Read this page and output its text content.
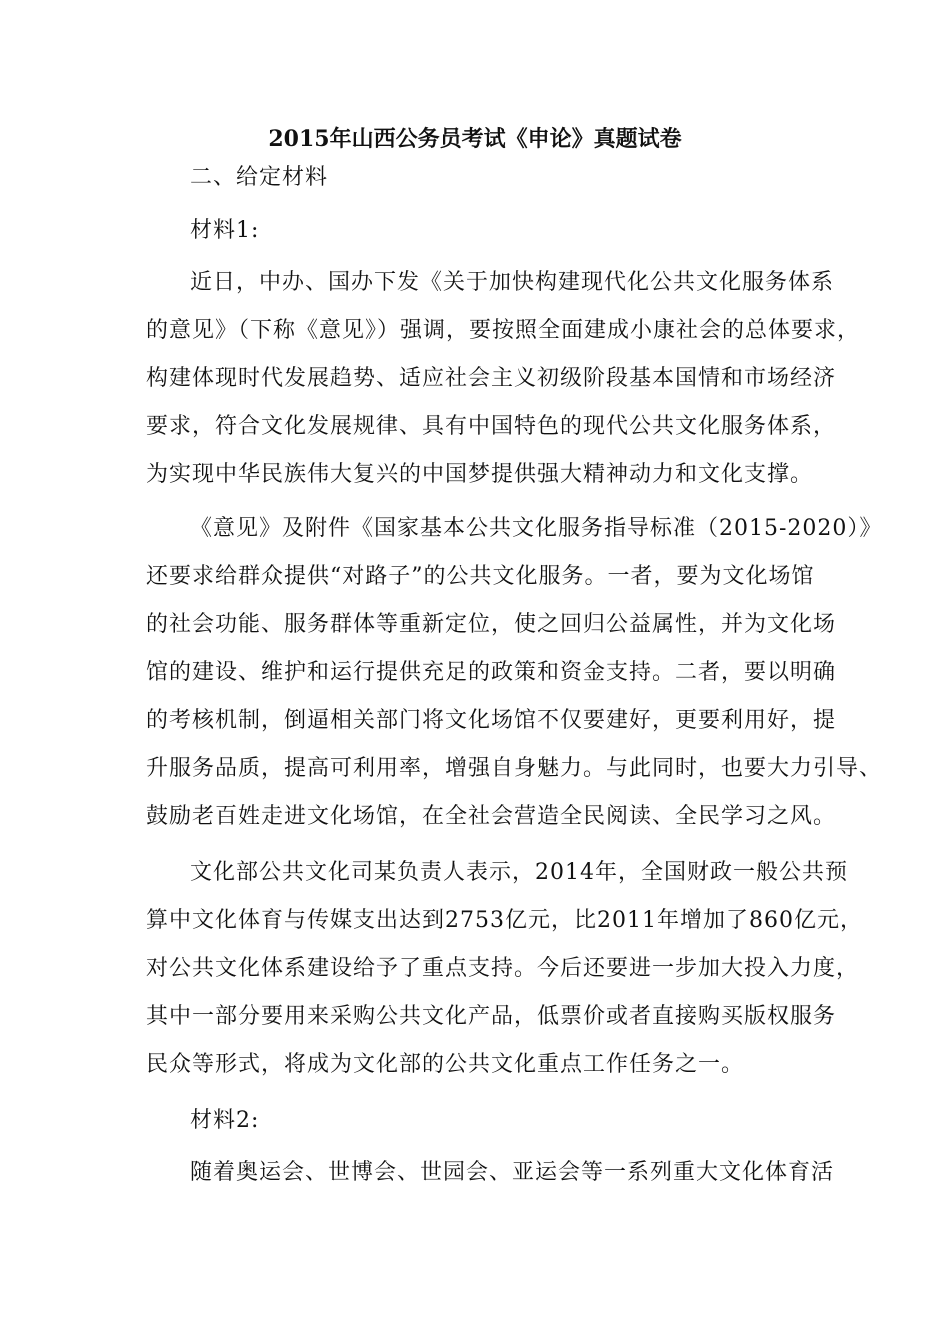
2015年山西公务员考试《申论》真题试卷
二、给定材料
材料1:
近日，中办、国办下发《关于加快构建现代化公共文化服务体系
的意见》（下称《意见》）强调，要按照全面建成小康社会的总体要求，
构建体现时代发展趋势、适应社会主义初级阶段基本国情和市场经济
要求，符合文化发展规律、具有中国特色的现代公共文化服务体系，
为实现中华民族伟大复兴的中国梦提供强大精神动力和文化支撑。
《意见》及附件《国家基本公共文化服务指导标准（2015-2020）》
还要求给群众提供“对路子”的公共文化服务。一者，要为文化场馆
的社会功能、服务群体等重新定位，使之回归公益属性，并为文化场
馆的建设、维护和运行提供充足的政策和资金支持。二者，要以明确
的考核机制，倒逼相关部门将文化场馆不仅要建好，更要利用好，提
升服务品质，提高可利用率，增强自身魅力。与此同时，也要大力引导、
鼓励老百姓走进文化场馆，在全社会营造全民阅读、全民学习之风。
文化部公共文化司某负责人表示，2014年，全国财政一般公共预
算中文化体育与传媒支出达到2753亿元，比2011年增加了860亿元，
对公共文化体系建设给予了重点支持。今后还要进一步加大投入力度，
其中一部分要用来采购公共文化产品，低票价或者直接购买版权服务
民众等形式，将成为文化部的公共文化重点工作任务之一。
材料2:
随着奥运会、世博会、世园会、亚运会等一系列重大文化体育活
